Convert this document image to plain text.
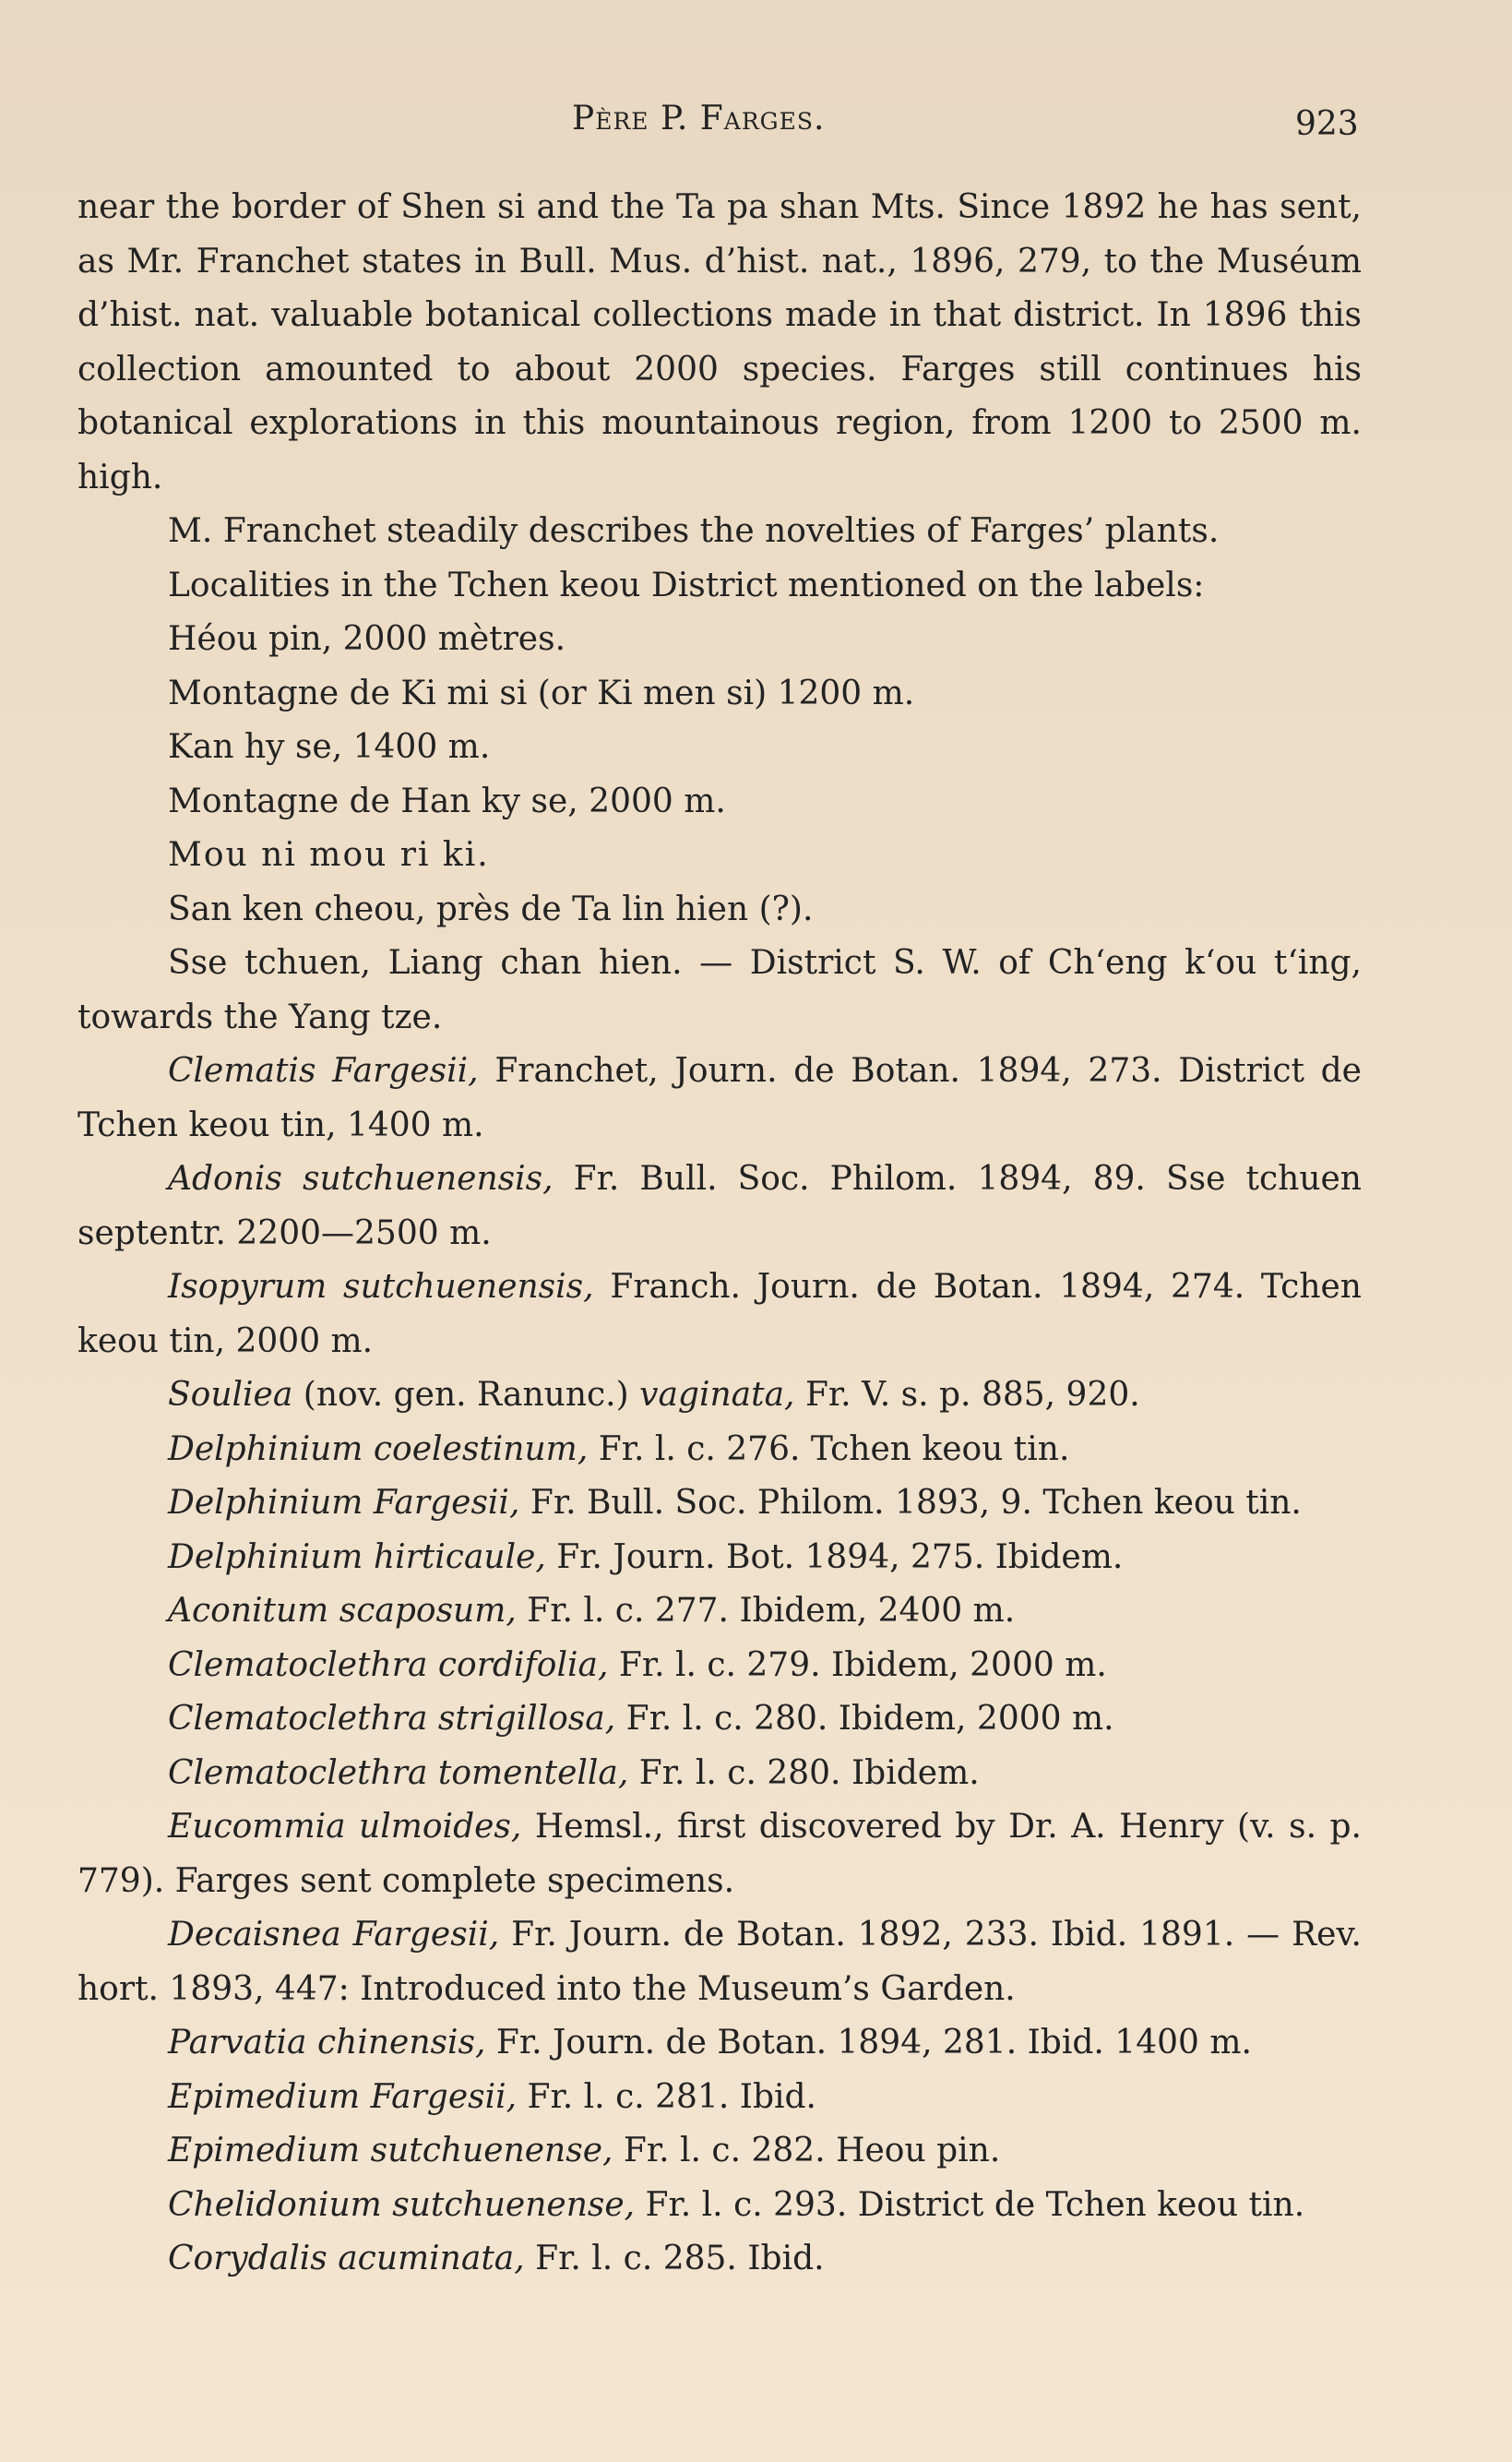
Père P. Farges.	923

near the border of Shen si and the Ta pa shan Mts. Since 1892 he has sent, as Mr. Franchet states in Bull. Mus. d’hist. nat., 1896, 279, to the Muséum d’hist. nat. valuable botanical collections made in that district. In 1896 this collection amounted to about 2000 species. Farges still continues his botanical explorations in this mountainous region, from 1200 to 2500 m. high.

M. Franchet steadily describes the novelties of Farges’ plants.

Localities in the Tchen keou District mentioned on the labels:

Héou pin, 2000 mètres.
Montagne de Ki mi si (or Ki men si) 1200 m.
Kan hy se, 1400 m.
Montagne de Han ky se, 2000 m.
Mou ni mou ri ki.
San ken cheou, près de Ta lin hien (?).

Sse tchuen, Liang chan hien. — District S. W. of Chʻeng kʻou tʻing, towards the Yang tze.

Clematis Fargesii, Franchet, Journ. de Botan. 1894, 273. District de Tchen keou tin, 1400 m.

Adonis sutchuenensis, Fr. Bull. Soc. Philom. 1894, 89. Sse tchuen septentr. 2200—2500 m.

Isopyrum sutchuenensis, Franch. Journ. de Botan. 1894, 274. Tchen keou tin, 2000 m.

Souliea (nov. gen. Ranunc.) vaginata, Fr. V. s. p. 885, 920.

Delphinium coelestinum, Fr. l. c. 276. Tchen keou tin.

Delphinium Fargesii, Fr. Bull. Soc. Philom. 1893, 9. Tchen keou tin.

Delphinium hirticaule, Fr. Journ. Bot. 1894, 275. Ibidem.

Aconitum scaposum, Fr. l. c. 277. Ibidem, 2400 m.

Clematoclethra cordifolia, Fr. l. c. 279. Ibidem, 2000 m.

Clematoclethra strigillosa, Fr. l. c. 280. Ibidem, 2000 m.

Clematoclethra tomentella, Fr. l. c. 280. Ibidem.

Eucommia ulmoides, Hemsl., first discovered by Dr. A. Henry (v. s. p. 779). Farges sent complete specimens.

Decaisnea Fargesii, Fr. Journ. de Botan. 1892, 233. Ibid. 1891. — Rev. hort. 1893, 447: Introduced into the Museum’s Garden.

Parvatia chinensis, Fr. Journ. de Botan. 1894, 281. Ibid. 1400 m.

Epimedium Fargesii, Fr. l. c. 281. Ibid.

Epimedium sutchuenense, Fr. l. c. 282. Heou pin.

Chelidonium sutchuenense, Fr. l. c. 293. District de Tchen keou tin.

Corydalis acuminata, Fr. l. c. 285. Ibid.
